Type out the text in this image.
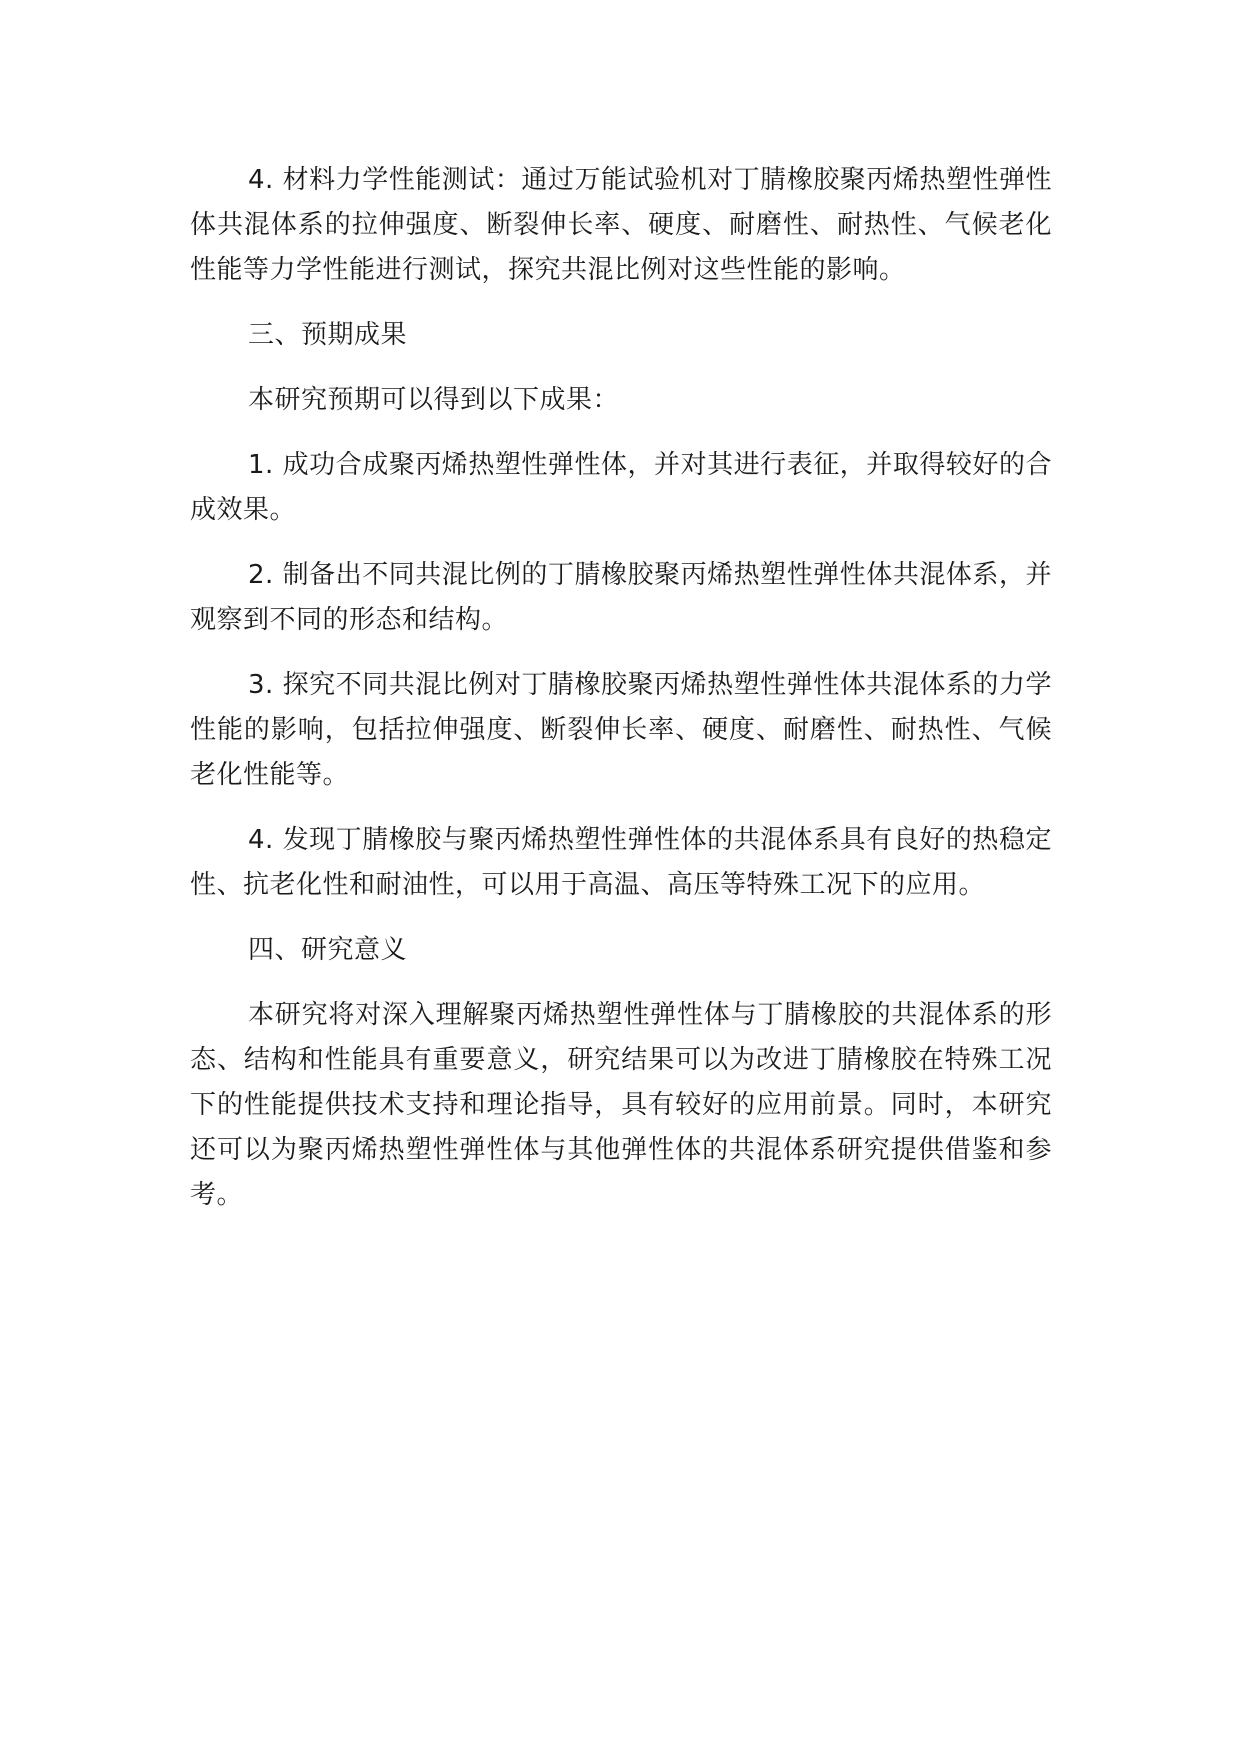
4. 材料力学性能测试：通过万能试验机对丁腈橡胶聚丙烯热塑性弹性体共混体系的拉伸强度、断裂伸长率、硬度、耐磨性、耐热性、气候老化性能等力学性能进行测试，探究共混比例对这些性能的影响。

三、预期成果

本研究预期可以得到以下成果：

1. 成功合成聚丙烯热塑性弹性体，并对其进行表征，并取得较好的合成效果。

2. 制备出不同共混比例的丁腈橡胶聚丙烯热塑性弹性体共混体系，并观察到不同的形态和结构。

3. 探究不同共混比例对丁腈橡胶聚丙烯热塑性弹性体共混体系的力学性能的影响，包括拉伸强度、断裂伸长率、硬度、耐磨性、耐热性、气候老化性能等。

4. 发现丁腈橡胶与聚丙烯热塑性弹性体的共混体系具有良好的热稳定性、抗老化性和耐油性，可以用于高温、高压等特殊工况下的应用。

四、研究意义

本研究将对深入理解聚丙烯热塑性弹性体与丁腈橡胶的共混体系的形态、结构和性能具有重要意义，研究结果可以为改进丁腈橡胶在特殊工况下的性能提供技术支持和理论指导，具有较好的应用前景。同时，本研究还可以为聚丙烯热塑性弹性体与其他弹性体的共混体系研究提供借鉴和参考。
